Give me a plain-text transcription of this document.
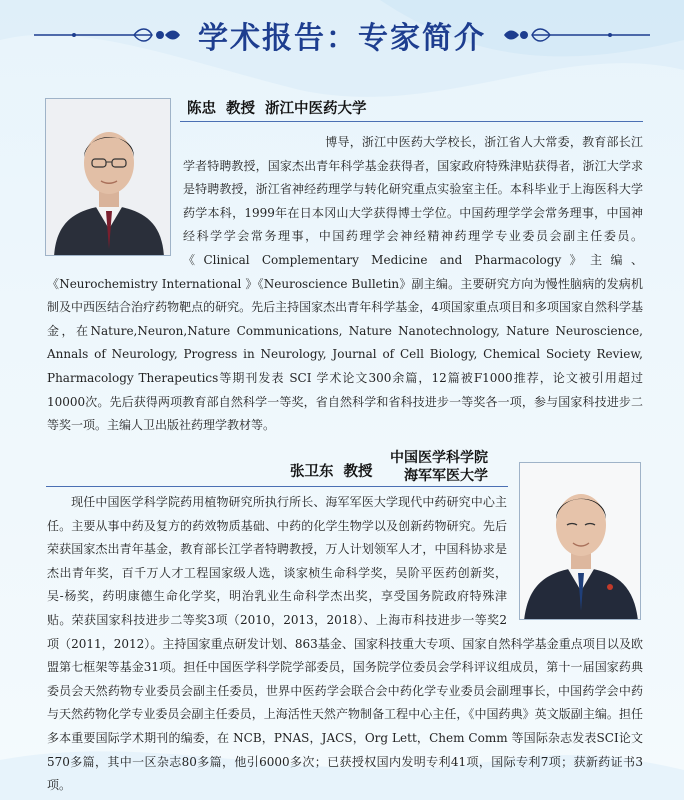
学术报告：专家简介
陈忠 教授 浙江中医药大学
博导，浙江中医药大学校长，浙江省人大常委，教育部长江学者特聘教授，国家杰出青年科学基金获得者，国家政府特殊津贴获得者，浙江大学求是特聘教授，浙江省神经药理学与转化研究重点实验室主任。本科毕业于上海医科大学药学本科，1999年在日本冈山大学获得博士学位。中国药理学学会常务理事，中国神经科学学会常务理事，中国药理学会神经精神药理学专业委员会副主任委员。《Clinical Complementary Medicine and Pharmacology》主编、《Neurochemistry International 》《Neuroscience Bulletin》副主编。主要研究方向为慢性脑病的发病机制及中西医结合治疗药物靶点的研究。先后主持国家杰出青年科学基金，4项国家重点项目和多项国家自然科学基金，在Nature,Neuron,Nature Communications, Nature Nanotechnology, Nature Neuroscience, Annals of Neurology, Progress in Neurology, Journal of Cell Biology, Chemical Society Review, Pharmacology Therapeutics等期刊发表 SCI 学术论文300余篇，12篇被F1000推荐，论文被引用超过10000次。先后获得两项教育部自然科学一等奖，省自然科学和省科技进步一等奖各一项，参与国家科技进步二等奖一项。主编人卫出版社药理学教材等。
张卫东 教授
中国医学科学院
海军军医大学
现任中国医学科学院药用植物研究所执行所长、海军军医大学现代中药研究中心主任。主要从事中药及复方的药效物质基础、中药的化学生物学以及创新药物研究。先后荣获国家杰出青年基金，教育部长江学者特聘教授，万人计划领军人才，中国科协求是杰出青年奖，百千万人才工程国家级人选，谈家桢生命科学奖，吴阶平医药创新奖，吴-杨奖，药明康德生命化学奖，明治乳业生命科学杰出奖，享受国务院政府特殊津贴。荣获国家科技进步二等奖3项（2010，2013，2018）、上海市科技进步一等奖2项（2011，2012）。主持国家重点研发计划、863基金、国家科技重大专项、国家自然科学基金重点项目以及欧盟第七框架等基金31项。担任中国医学科学院学部委员，国务院学位委员会学科评议组成员，第十一届国家药典委员会天然药物专业委员会副主任委员，世界中医药学会联合会中药化学专业委员会副理事长，中国药学会中药与天然药物化学专业委员会副主任委员，上海活性天然产物制备工程中心主任，《中国药典》英文版副主编。担任多本重要国际学术期刊的编委，在 NCB，PNAS，JACS，Org Lett，Chem Comm 等国际杂志发表SCI论文570多篇，其中一区杂志80多篇，他引6000多次；已获授权国内发明专利41项，国际专利7项；获新药证书3项。
